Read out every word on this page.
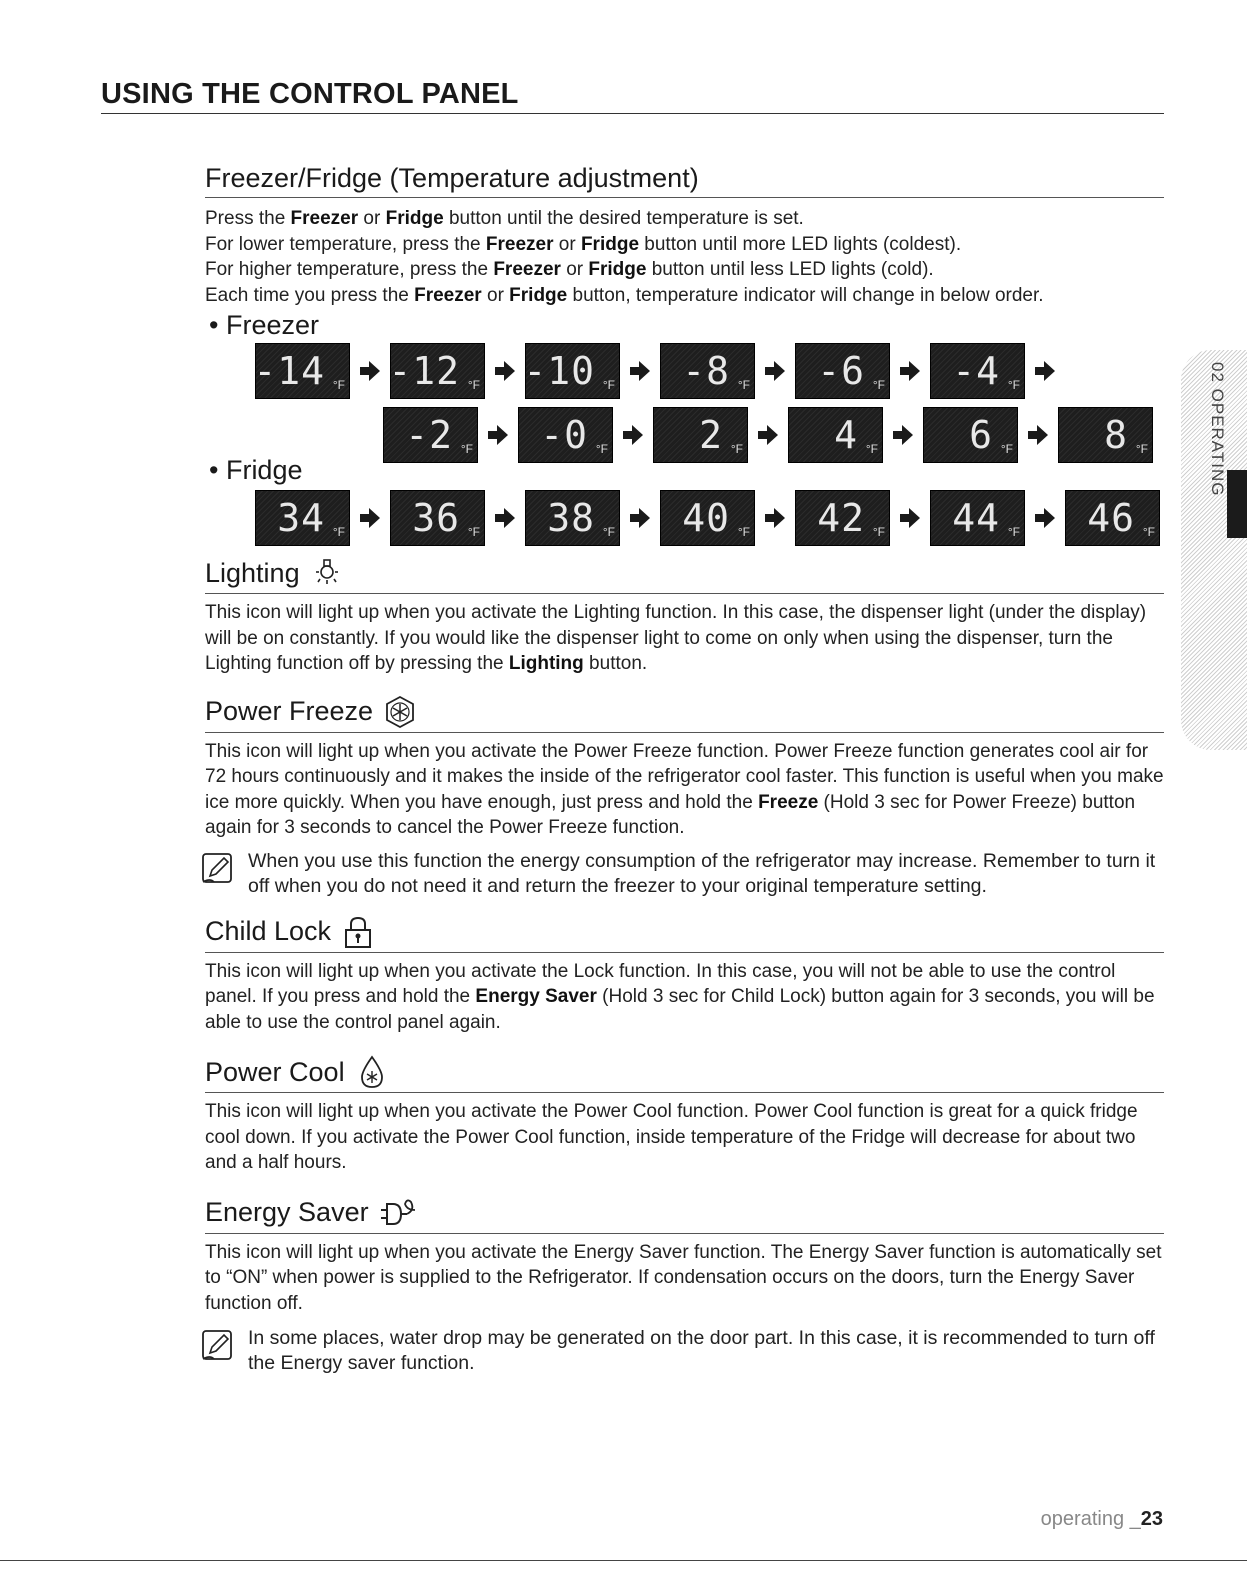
USING THE CONTROL PANEL
02 OPERATING
Freezer/Fridge (Temperature adjustment)

Press the Freezer or Fridge button until the desired temperature is set.

For lower temperature, press the Freezer or Fridge button until more LED lights (coldest).

For higher temperature, press the Freezer or Fridge button until less LED lights (cold).

Each time you press the Freezer or Fridge button, temperature indicator will change in below order.

• Freezer
-14 °F -12 °F -10 °F -8 °F -6 °F -4 °F
-2 °F -0 °F 2 °F 4 °F 6 °F 8 °F
• Fridge
34 °F 36 °F 38 °F 40 °F 42 °F 44 °F 46 °F
Lighting

This icon will light up when you activate the Lighting function. In this case, the dispenser light (under the display) will be on constantly. If you would like the dispenser light to come on only when using the dispenser, turn the Lighting function off by pressing the Lighting button.

Power Freeze

This icon will light up when you activate the Power Freeze function. Power Freeze function generates cool air for 72 hours continuously and it makes the inside of the refrigerator cool faster. This function is useful when you make ice more quickly. When you have enough, just press and hold the Freeze (Hold 3 sec for Power Freeze) button again for 3 seconds to cancel the Power Freeze function.

When you use this function the energy consumption of the refrigerator may increase. Remember to turn it off when you do not need it and return the freezer to your original temperature setting.
Child Lock

This icon will light up when you activate the Lock function. In this case, you will not be able to use the control panel. If you press and hold the Energy Saver (Hold 3 sec for Child Lock) button again for 3 seconds, you will be able to use the control panel again.

Power Cool

This icon will light up when you activate the Power Cool function. Power Cool function is great for a quick fridge cool down. If you activate the Power Cool function, inside temperature of the Fridge will decrease for about two and a half hours.

Energy Saver

This icon will light up when you activate the Energy Saver function. The Energy Saver function is automatically set to “ON” when power is supplied to the Refrigerator. If condensation occurs on the doors, turn the Energy Saver function off.

In some places, water drop may be generated on the door part. In this case, it is recommended to turn off the Energy saver function.
operating _23
